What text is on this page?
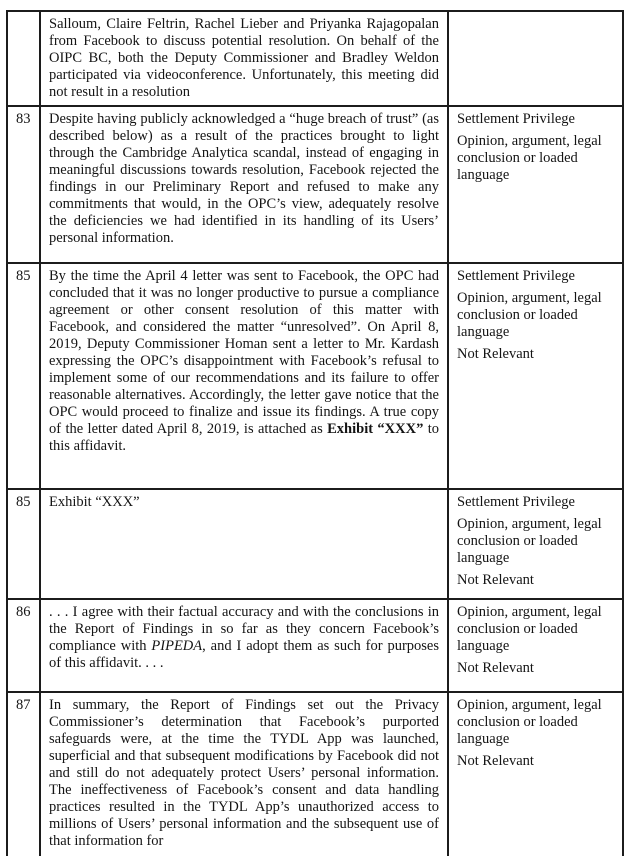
	Salloum, Claire Feltrin, Rachel Lieber and Priyanka Rajagopalan from Facebook to discuss potential resolution. On behalf of the OIPC BC, both the Deputy Commissioner and Bradley Weldon participated via videoconference. Unfortunately, this meeting did not result in a resolution	

83	Despite having publicly acknowledged a “huge breach of trust” (as described below) as a result of the practices brought to light through the Cambridge Analytica scandal, instead of engaging in meaningful discussions towards resolution, Facebook rejected the findings in our Preliminary Report and refused to make any commitments that would, in the OPC’s view, adequately resolve the deficiencies we had identified in its handling of its Users’ personal information.	Settlement Privilege

Opinion, argument, legal conclusion or loaded language

85	By the time the April 4 letter was sent to Facebook, the OPC had concluded that it was no longer productive to pursue a compliance agreement or other consent resolution of this matter with Facebook, and considered the matter “unresolved”. On April 8, 2019, Deputy Commissioner Homan sent a letter to Mr. Kardash expressing the OPC’s disappointment with Facebook’s refusal to implement some of our recommendations and its failure to offer reasonable alternatives. Accordingly, the letter gave notice that the OPC would proceed to finalize and issue its findings. A true copy of the letter dated April 8, 2019, is attached as Exhibit “XXX” to this affidavit.

Settlement Privilege

Opinion, argument, legal conclusion or loaded language

Not Relevant

85	Exhibit “XXX”	Settlement Privilege

Opinion, argument, legal conclusion or loaded language

Not Relevant

86	. . . I agree with their factual accuracy and with the conclusions in the Report of Findings in so far as they concern Facebook’s compliance with PIPEDA, and I adopt them as such for purposes of this affidavit. . . .	Opinion, argument, legal conclusion or loaded language

Not Relevant

87	In summary, the Report of Findings set out the Privacy Commissioner’s determination that Facebook’s purported safeguards were, at the time the TYDL App was launched, superficial and that subsequent modifications by Facebook did not and still do not adequately protect Users’ personal information. The ineffectiveness of Facebook’s consent and data handling practices resulted in the TYDL App’s unauthorized access to millions of Users’ personal information and the subsequent use of that information for	Opinion, argument, legal conclusion or loaded language

Not Relevant
